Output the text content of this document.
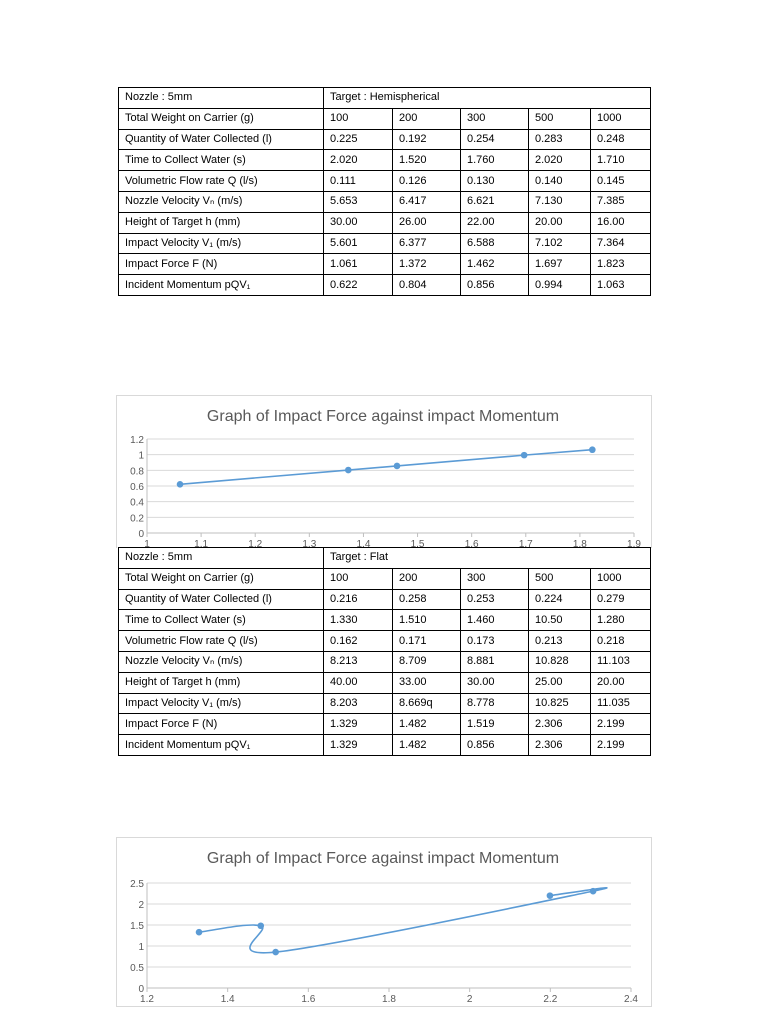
Nozzle : 5mm	Target : Hemispherical				
Total Weight on Carrier (g)	100	200	300	500	1000
Quantity of Water Collected (l)	0.225	0.192	0.254	0.283	0.248
Time to Collect Water (s)	2.020	1.520	1.760	2.020	1.710
Volumetric Flow rate Q (l/s)	0.111	0.126	0.130	0.140	0.145
Nozzle Velocity Vₙ (m/s)	5.653	6.417	6.621	7.130	7.385
Height of Target h (mm)	30.00	26.00	22.00	20.00	16.00
Impact Velocity V₁ (m/s)	5.601	6.377	6.588	7.102	7.364
Impact Force F (N)	1.061	1.372	1.462	1.697	1.823
Incident Momentum pQV₁	0.622	0.804	0.856	0.994	1.063
Graph of Impact Force against impact Momentum
0
0.2
0.4
0.6
0.8
1
1.2
1	1.1	1.2	1.3	1.4	1.5	1.6	1.7	1.8	1.9
Nozzle : 5mm	Target : Flat				
Total Weight on Carrier (g)	100	200	300	500	1000
Quantity of Water Collected (l)	0.216	0.258	0.253	0.224	0.279
Time to Collect Water (s)	1.330	1.510	1.460	10.50	1.280
Volumetric Flow rate Q (l/s)	0.162	0.171	0.173	0.213	0.218
Nozzle Velocity Vₙ (m/s)	8.213	8.709	8.881	10.828	11.103
Height of Target h (mm)	40.00	33.00	30.00	25.00	20.00
Impact Velocity V₁ (m/s)	8.203	8.669q	8.778	10.825	11.035
Impact Force F (N)	1.329	1.482	1.519	2.306	2.199
Incident Momentum pQV₁	1.329	1.482	0.856	2.306	2.199
Graph of Impact Force against impact Momentum
0
0.5
1
1.5
2
2.5
1.2	1.4	1.6	1.8	2	2.2	2.4
